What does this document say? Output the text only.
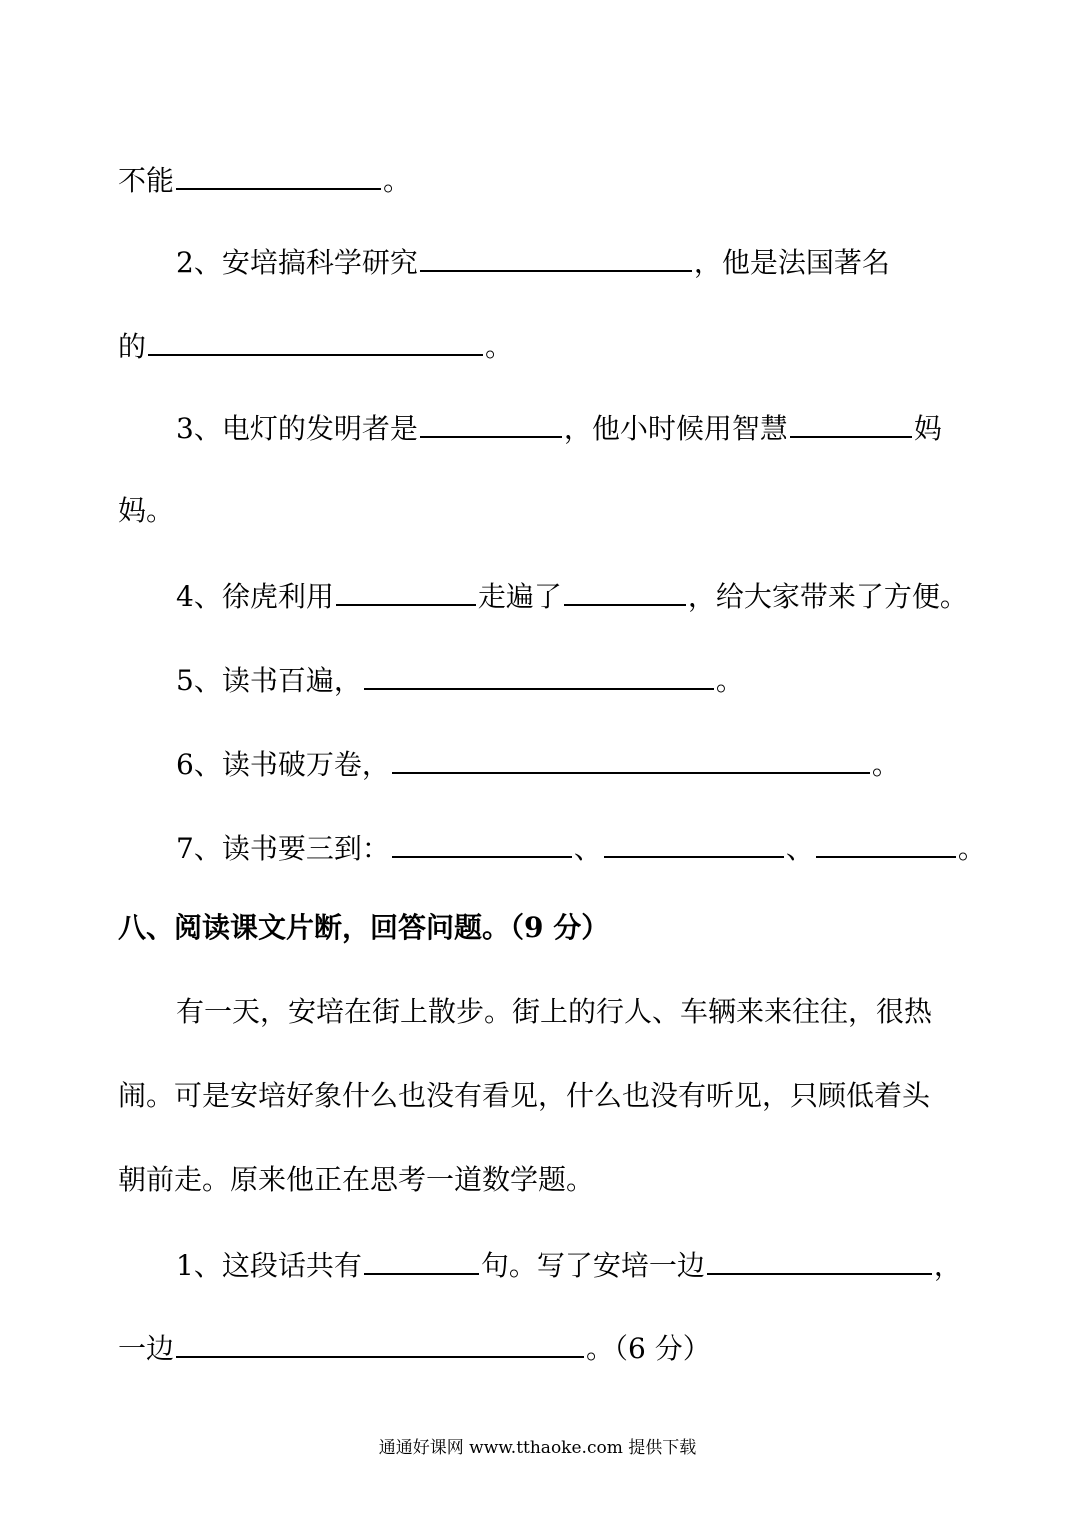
不能	。
2、安培搞科学研究	，他是法国著名
的	。
3、电灯的发明者是	，他小时候用智慧	妈
妈。
4、徐虎利用	走遍了	，给大家带来了方便。
5、读书百遍，	。
6、读书破万卷，	。
7、读书要三到：	、	、	。
八、阅读课文片断，回答问题。（9 分）
有一天，安培在街上散步。街上的行人、车辆来来往往，很热
闹。可是安培好象什么也没有看见，什么也没有听见，只顾低着头
朝前走。原来他正在思考一道数学题。
1、这段话共有	句。写了安培一边	，
一边	。（6 分）
通通好课网 www.tthaoke.com 提供下载
